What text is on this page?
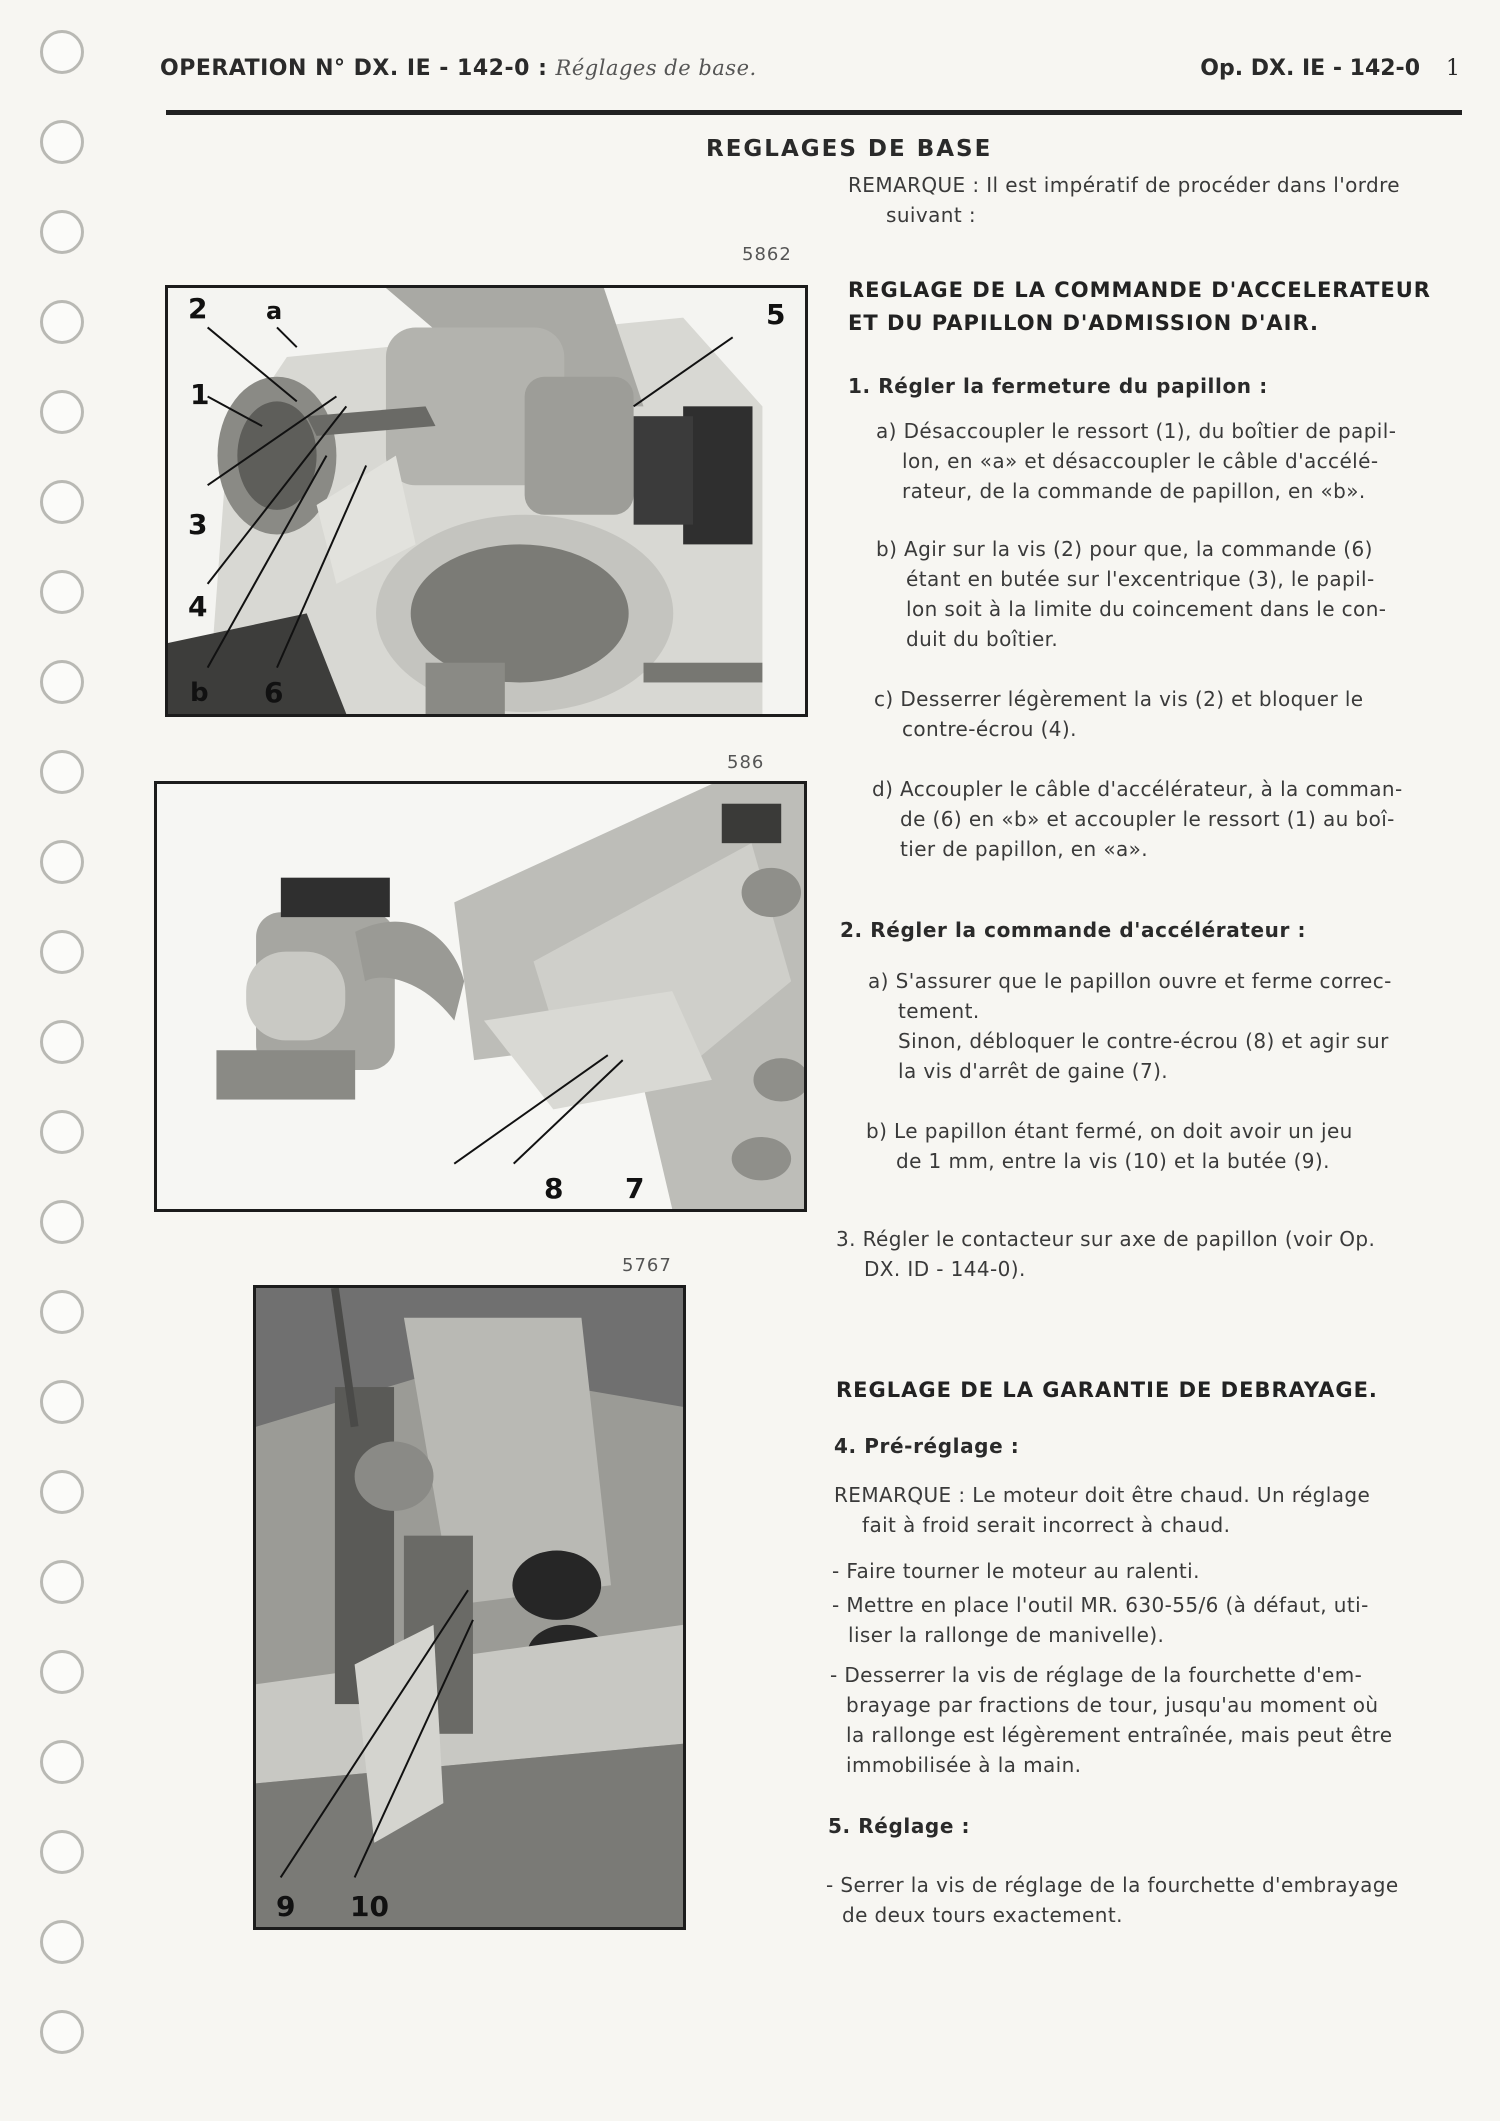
OPERATION N° DX. IE - 142-0 : Réglages de base.	Op. DX. IE - 142-0 1
REGLAGES DE BASE
REMARQUE : Il est impératif de procéder dans l'ordre
suivant :
5862
2 a	5
1
3
4
b 6
586
8 7
5767
9 10
REGLAGE DE LA COMMANDE D'ACCELERATEUR
ET DU PAPILLON D'ADMISSION D'AIR.
1. Régler la fermeture du papillon :
a) Désaccoupler le ressort (1), du boîtier de papil-
lon, en «a» et désaccoupler le câble d'accélé-
rateur, de la commande de papillon, en «b».
b) Agir sur la vis (2) pour que, la commande (6)
étant en butée sur l'excentrique (3), le papil-
lon soit à la limite du coincement dans le con-
duit du boîtier.
c) Desserrer légèrement la vis (2) et bloquer le
contre-écrou (4).
d) Accoupler le câble d'accélérateur, à la comman-
de (6) en «b» et accoupler le ressort (1) au boî-
tier de papillon, en «a».
2. Régler la commande d'accélérateur :
a) S'assurer que le papillon ouvre et ferme correc-
tement.
Sinon, débloquer le contre-écrou (8) et agir sur
la vis d'arrêt de gaine (7).
b) Le papillon étant fermé, on doit avoir un jeu
de 1 mm, entre la vis (10) et la butée (9).
3. Régler le contacteur sur axe de papillon (voir Op.
DX. ID - 144-0).
REGLAGE DE LA GARANTIE DE DEBRAYAGE.
4. Pré-réglage :
REMARQUE : Le moteur doit être chaud. Un réglage
fait à froid serait incorrect à chaud.
- Faire tourner le moteur au ralenti.
- Mettre en place l'outil MR. 630-55/6 (à défaut, uti-
liser la rallonge de manivelle).
- Desserrer la vis de réglage de la fourchette d'em-
brayage par fractions de tour, jusqu'au moment où
la rallonge est légèrement entraînée, mais peut être
immobilisée à la main.
5. Réglage :
- Serrer la vis de réglage de la fourchette d'embrayage
de deux tours exactement.
